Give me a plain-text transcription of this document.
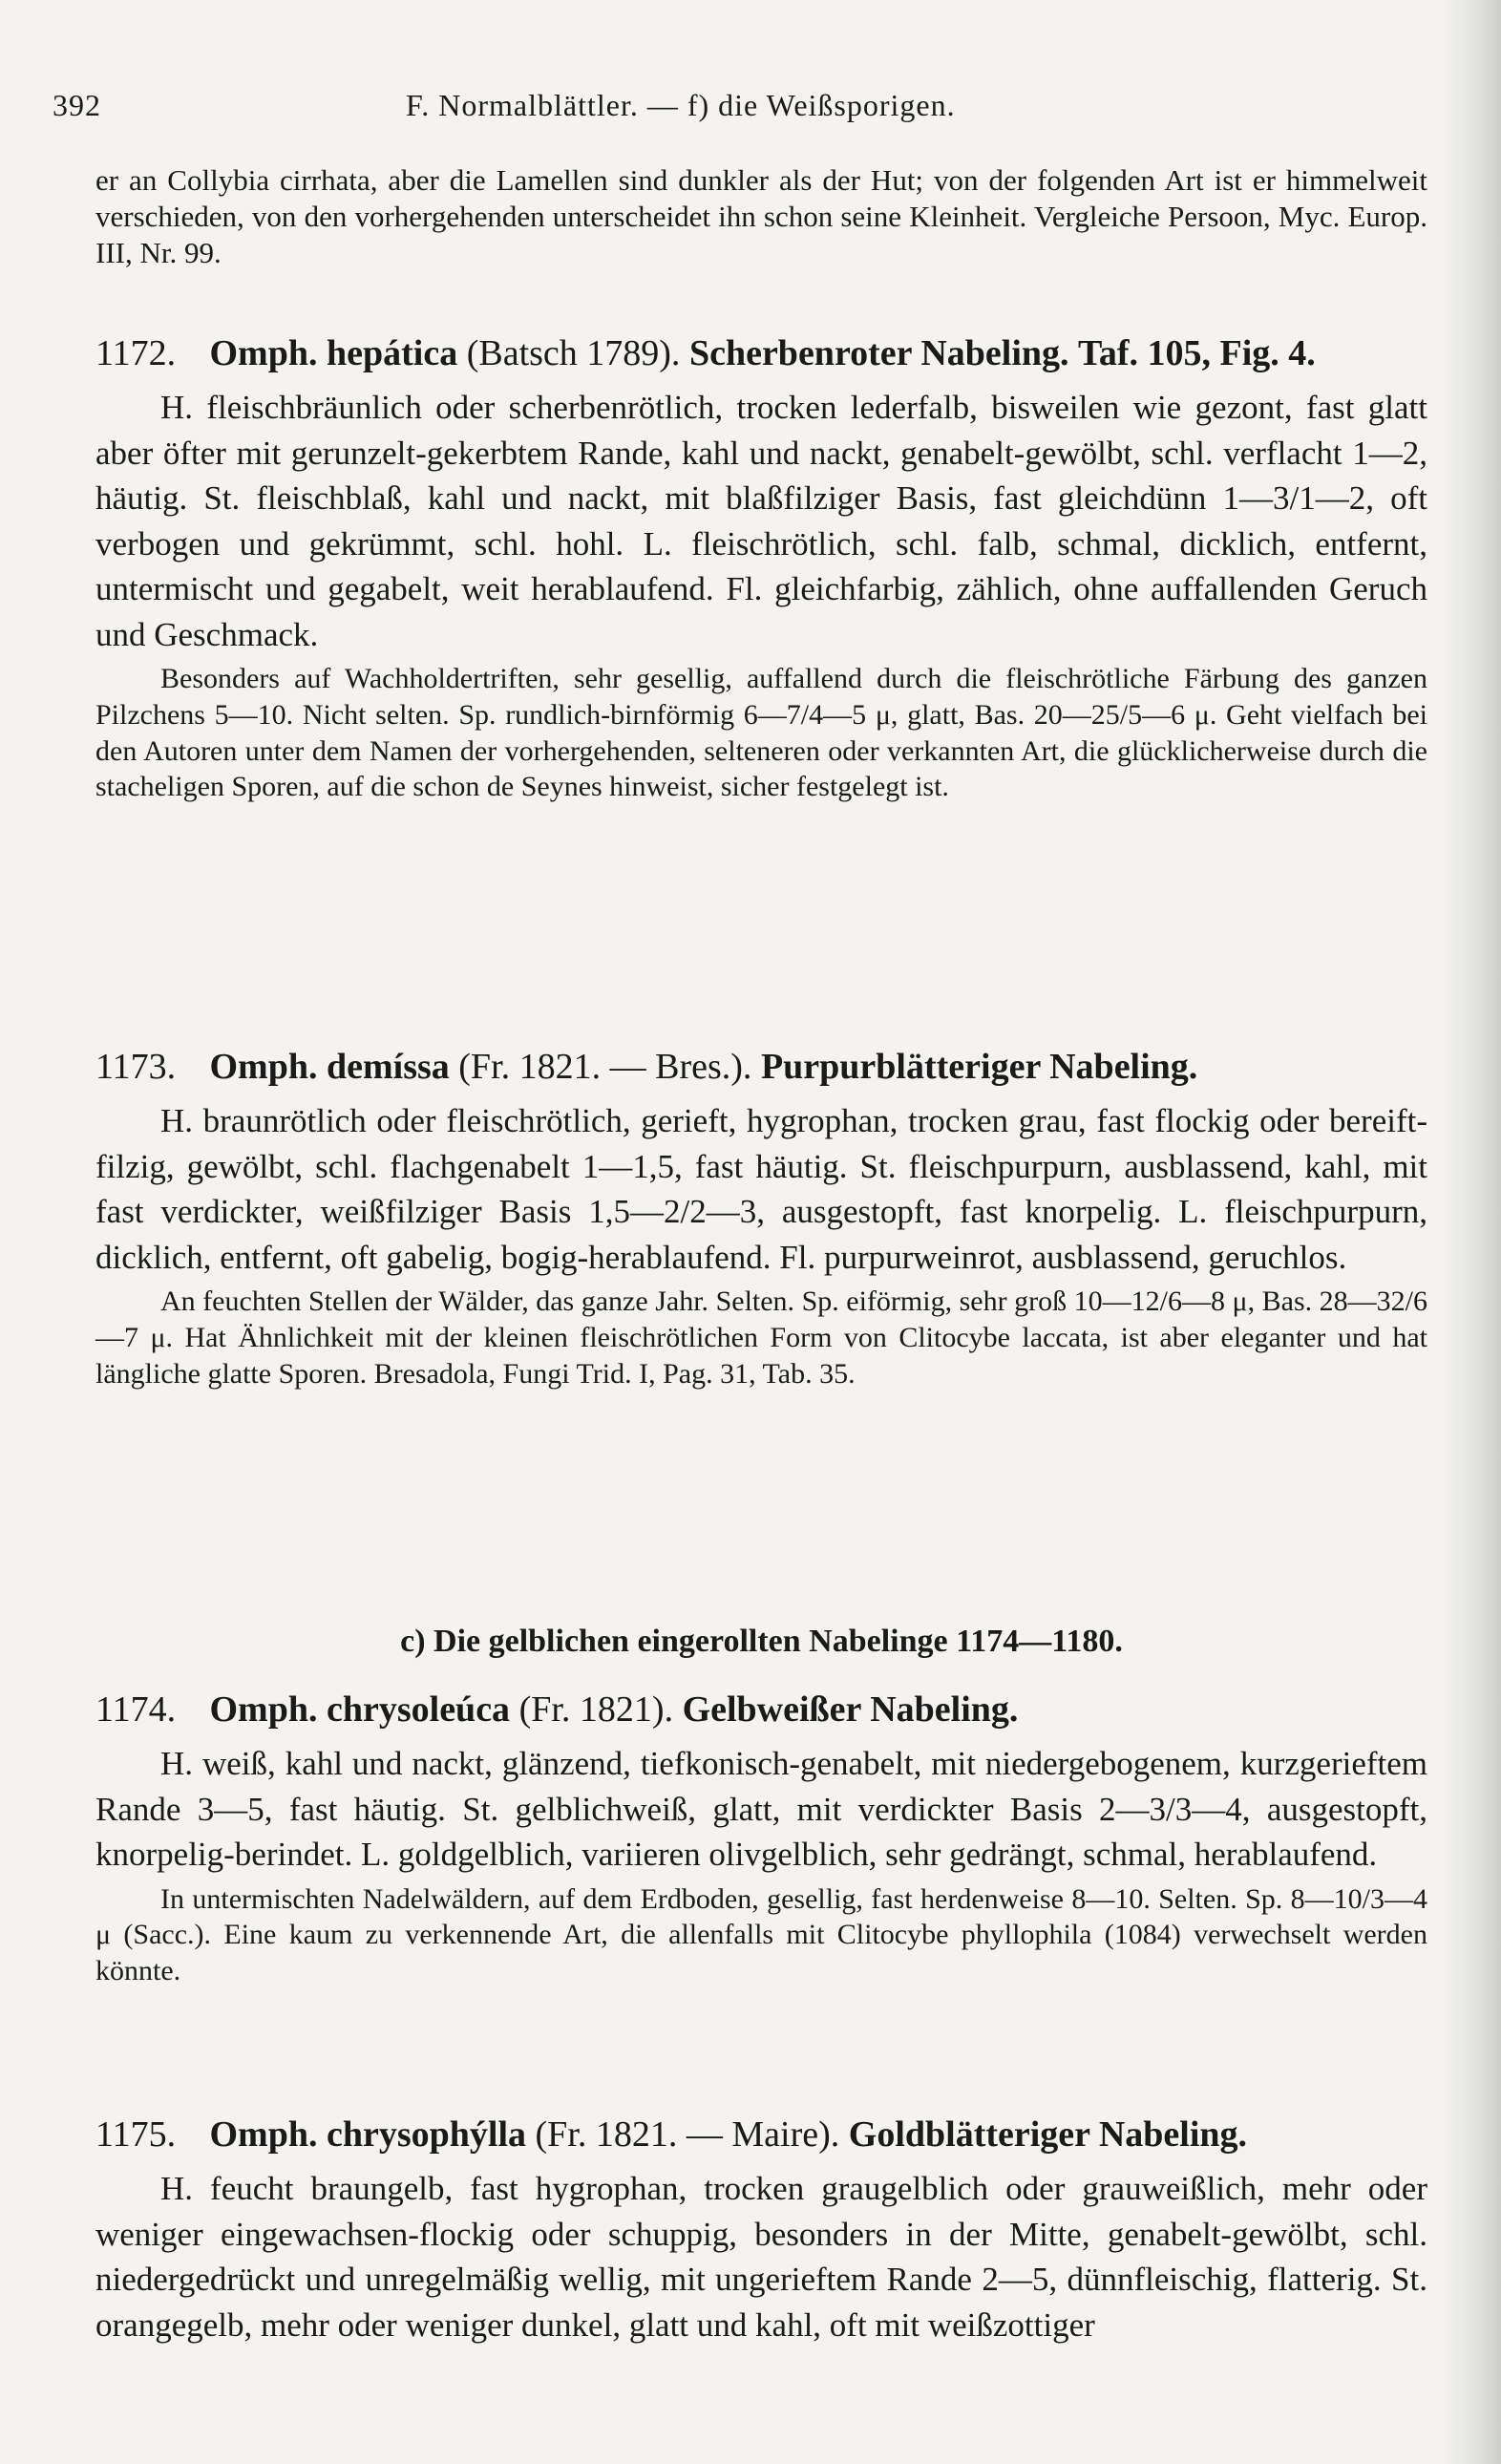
392	F. Normalblättler. — f) die Weißsporigen.

er an Collybia cirrhata, aber die Lamellen sind dunkler als der Hut; von der folgenden Art ist er himmelweit verschieden, von den vorhergehenden unterscheidet ihn schon seine Kleinheit. Vergleiche Persoon, Myc. Europ. III, Nr. 99.

1172. Omph. hepática (Batsch 1789). Scherbenroter Nabeling. Taf. 105, Fig. 4.

H. fleischbräunlich oder scherbenrötlich, trocken lederfalb, bisweilen wie gezont, fast glatt aber öfter mit gerunzelt-gekerbtem Rande, kahl und nackt, genabelt-gewölbt, schl. verflacht 1—2, häutig. St. fleischblaß, kahl und nackt, mit blaßfilziger Basis, fast gleichdünn 1—3/1—2, oft verbogen und gekrümmt, schl. hohl. L. fleischrötlich, schl. falb, schmal, dicklich, entfernt, untermischt und gegabelt, weit herablaufend. Fl. gleichfarbig, zählich, ohne auffallenden Geruch und Geschmack.

Besonders auf Wachholdertriften, sehr gesellig, auffallend durch die fleischrötliche Färbung des ganzen Pilzchens 5—10. Nicht selten. Sp. rundlich-birnförmig 6—7/4—5 μ, glatt, Bas. 20—25/5—6 μ. Geht vielfach bei den Autoren unter dem Namen der vorhergehenden, selteneren oder verkannten Art, die glücklicherweise durch die stacheligen Sporen, auf die schon de Seynes hinweist, sicher festgelegt ist.

1173. Omph. demíssa (Fr. 1821. — Bres.). Purpurblätteriger Nabeling.

H. braunrötlich oder fleischrötlich, gerieft, hygrophan, trocken grau, fast flockig oder bereift-filzig, gewölbt, schl. flachgenabelt 1—1,5, fast häutig. St. fleischpurpurn, ausblassend, kahl, mit fast verdickter, weißfilziger Basis 1,5—2/2—3, ausgestopft, fast knorpelig. L. fleischpurpurn, dicklich, entfernt, oft gabelig, bogig-herablaufend. Fl. purpurweinrot, ausblassend, geruchlos.

An feuchten Stellen der Wälder, das ganze Jahr. Selten. Sp. eiförmig, sehr groß 10—12/6—8 μ, Bas. 28—32/6—7 μ. Hat Ähnlichkeit mit der kleinen fleischrötlichen Form von Clitocybe laccata, ist aber eleganter und hat längliche glatte Sporen. Bresadola, Fungi Trid. I, Pag. 31, Tab. 35.

c) Die gelblichen eingerollten Nabelinge 1174—1180.

1174. Omph. chrysoleúca (Fr. 1821). Gelbweißer Nabeling.

H. weiß, kahl und nackt, glänzend, tiefkonisch-genabelt, mit niedergebogenem, kurzgerieftem Rande 3—5, fast häutig. St. gelblichweiß, glatt, mit verdickter Basis 2—3/3—4, ausgestopft, knorpelig-berindet. L. goldgelblich, variieren olivgelblich, sehr gedrängt, schmal, herablaufend.

In untermischten Nadelwäldern, auf dem Erdboden, gesellig, fast herdenweise 8—10. Selten. Sp. 8—10/3—4 μ (Sacc.). Eine kaum zu verkennende Art, die allenfalls mit Clitocybe phyllophila (1084) verwechselt werden könnte.

1175. Omph. chrysophýlla (Fr. 1821. — Maire). Goldblätteriger Nabeling.

H. feucht braungelb, fast hygrophan, trocken graugelblich oder grauweißlich, mehr oder weniger eingewachsen-flockig oder schuppig, besonders in der Mitte, genabelt-gewölbt, schl. niedergedrückt und unregelmäßig wellig, mit ungerieftem Rande 2—5, dünnfleischig, flatterig. St. orangegelb, mehr oder weniger dunkel, glatt und kahl, oft mit weißzottiger
